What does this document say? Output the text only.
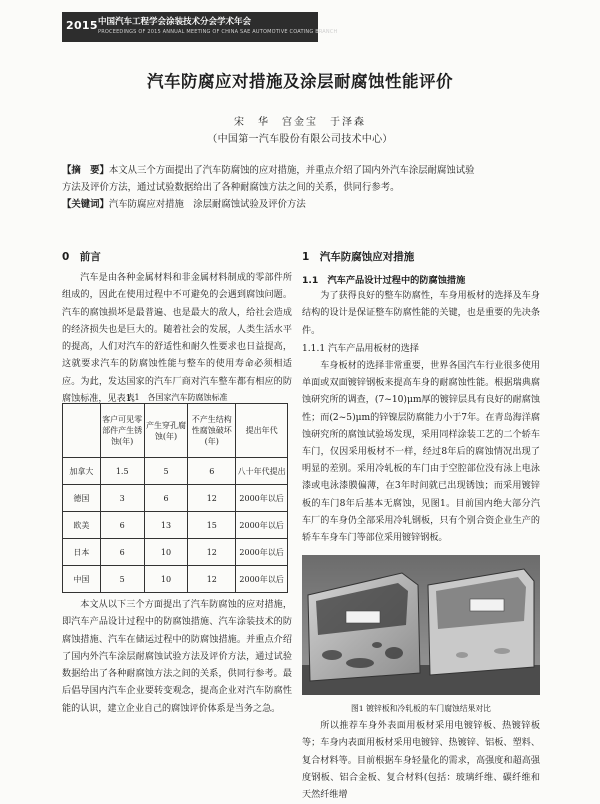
2015 中国汽车工程学会涂装技术分会学术年会
PROCEEDINGS OF 2015 ANNUAL MEETING OF CHINA SAE AUTOMOTIVE COATING BRANCH
汽车防腐应对措施及涂层耐腐蚀性能评价
宋　华　宫金宝　于泽森
（中国第一汽车股份有限公司技术中心）
【摘　要】本文从三个方面提出了汽车防腐蚀的应对措施，并重点介绍了国内外汽车涂层耐腐蚀试验
方法及评价方法，通过试验数据给出了各种耐腐蚀方法之间的关系，供同行参考。
【关键词】汽车防腐应对措施　涂层耐腐蚀试验及评价方法
0　前言
汽车是由各种金属材料和非金属材料制成的零部件所组成的，因此在使用过程中不可避免的会遇到腐蚀问题。汽车的腐蚀损坏是最普遍、也是最大的敌人，给社会造成的经济损失也是巨大的。随着社会的发展，人类生活水平的提高，人们对汽车的舒适性和耐久性要求也日益提高，这就要求汽车的防腐蚀性能与整车的使用寿命必须相适应。为此，发达国家的汽车厂商对汽车整车都有相应的防腐蚀标准，见表1。
表1　各国家汽车防腐蚀标准
	客户可见零部件产生锈蚀(年)	产生穿孔腐蚀(年)	不产生结构性腐蚀破坏(年)	提出年代
加拿大	1.5	5	6	八十年代提出
德国	3	6	12	2000年以后
欧美	6	13	15	2000年以后
日本	6	10	12	2000年以后
中国	5	10	12	2000年以后
本文从以下三个方面提出了汽车防腐蚀的应对措施，即汽车产品设计过程中的防腐蚀措施、汽车涂装技术的防腐蚀措施、汽车在储运过程中的防腐蚀措施。并重点介绍了国内外汽车涂层耐腐蚀试验方法及评价方法，通过试验数据给出了各种耐腐蚀方法之间的关系，供同行参考。最后倡导国内汽车企业要转变观念，提高企业对汽车防腐性能的认识，建立企业自己的腐蚀评价体系是当务之急。
1　汽车防腐蚀应对措施
1.1　汽车产品设计过程中的防腐蚀措施
为了获得良好的整车防腐性，车身用板材的选择及车身结构的设计是保证整车防腐性能的关键，也是重要的先决条件。
1.1.1 汽车产品用板材的选择
车身板材的选择非常重要，世界各国汽车行业很多使用单面或双面镀锌钢板来提高车身的耐腐蚀性能。根据瑞典腐蚀研究所的调查，(7~10)μm厚的镀锌层具有良好的耐腐蚀性；而(2~5)μm的锌镍层防腐能力小于7年。在青岛海洋腐蚀研究所的腐蚀试验场发现，采用同样涂装工艺的二个轿车车门，仅因采用板材不一样，经过8年后的腐蚀情况出现了明显的差别。采用冷轧板的车门由于空腔部位没有泳上电泳漆或电泳漆膜偏薄，在3年时间就已出现锈蚀；而采用镀锌板的车门8年后基本无腐蚀，见图1。目前国内绝大部分汽车厂的车身仍全部采用冷轧钢板，只有个别合资企业生产的轿车车身车门等部位采用镀锌钢板。
图1 镀锌板和冷轧板的车门腐蚀结果对比
所以推荐车身外表面用板材采用电镀锌板、热镀锌板等；车身内表面用板材采用电镀锌、热镀锌、铝板、塑料、复合材料等。目前根据车身轻量化的需求，高强度和超高强度钢板、铝合金板、复合材料(包括：玻璃纤维、碳纤维和天然纤维增
